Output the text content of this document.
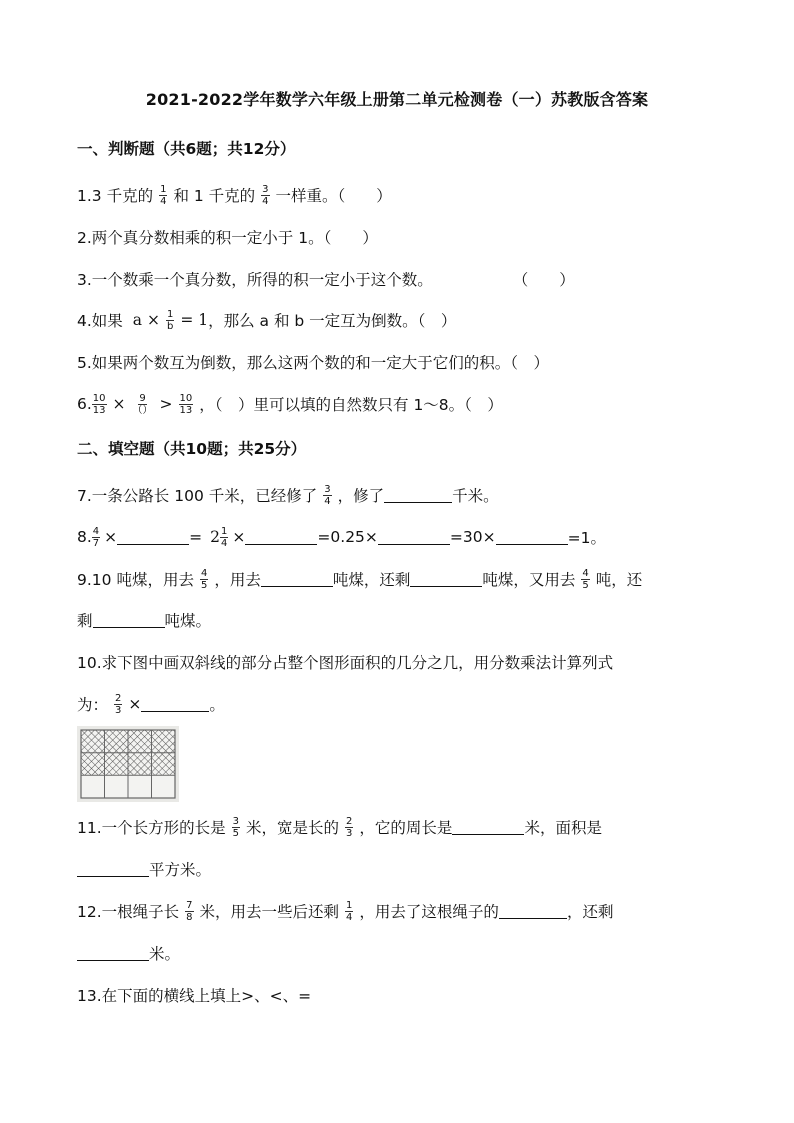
2021-2022学年数学六年级上册第二单元检测卷（一）苏教版含答案
一、判断题（共6题；共12分）
1.3 千克的 $\frac{1}{4}$ 和 1 千克的 $\frac{3}{4}$ 一样重。（　　）
2.两个真分数相乘的积一定小于 1。（　　）
3.一个数乘一个真分数，所得的积一定小于这个数。	（　　）
4.如果 $a \times \frac{1}{b} = 1$ ，那么 a 和 b 一定互为倒数。（　）
5.如果两个数互为倒数，那么这两个数的和一定大于它们的积。（　）
6. $\frac{10}{13} \times \frac{9}{()} > \frac{10}{13}$ ，（　）里可以填的自然数只有 1～8。（　）
二、填空题（共10题；共25分）
7.一条公路长 100 千米，已经修了 $\frac{3}{4}$ ，修了	千米。
8. $\frac{4}{7}$ ×	= $2 \frac{1}{4}$ ×	=0.25×	=30×	=1。
9.10 吨煤，用去 $\frac{4}{5}$ ，用去	吨煤，还剩	吨煤，又用去 $\frac{4}{5}$ 吨，还
剩	吨煤。
10.求下图中画双斜线的部分占整个图形面积的几分之几，用分数乘法计算列式
为： $\frac{2}{3}$ ×	。
11.一个长方形的长是 $\frac{3}{5}$ 米，宽是长的 $\frac{2}{3}$ ，它的周长是	米，面积是
平方米。
12.一根绳子长 $\frac{7}{8}$ 米，用去一些后还剩 $\frac{1}{4}$ ，用去了这根绳子的	，还剩
米。
13.在下面的横线上填上>、<、=
